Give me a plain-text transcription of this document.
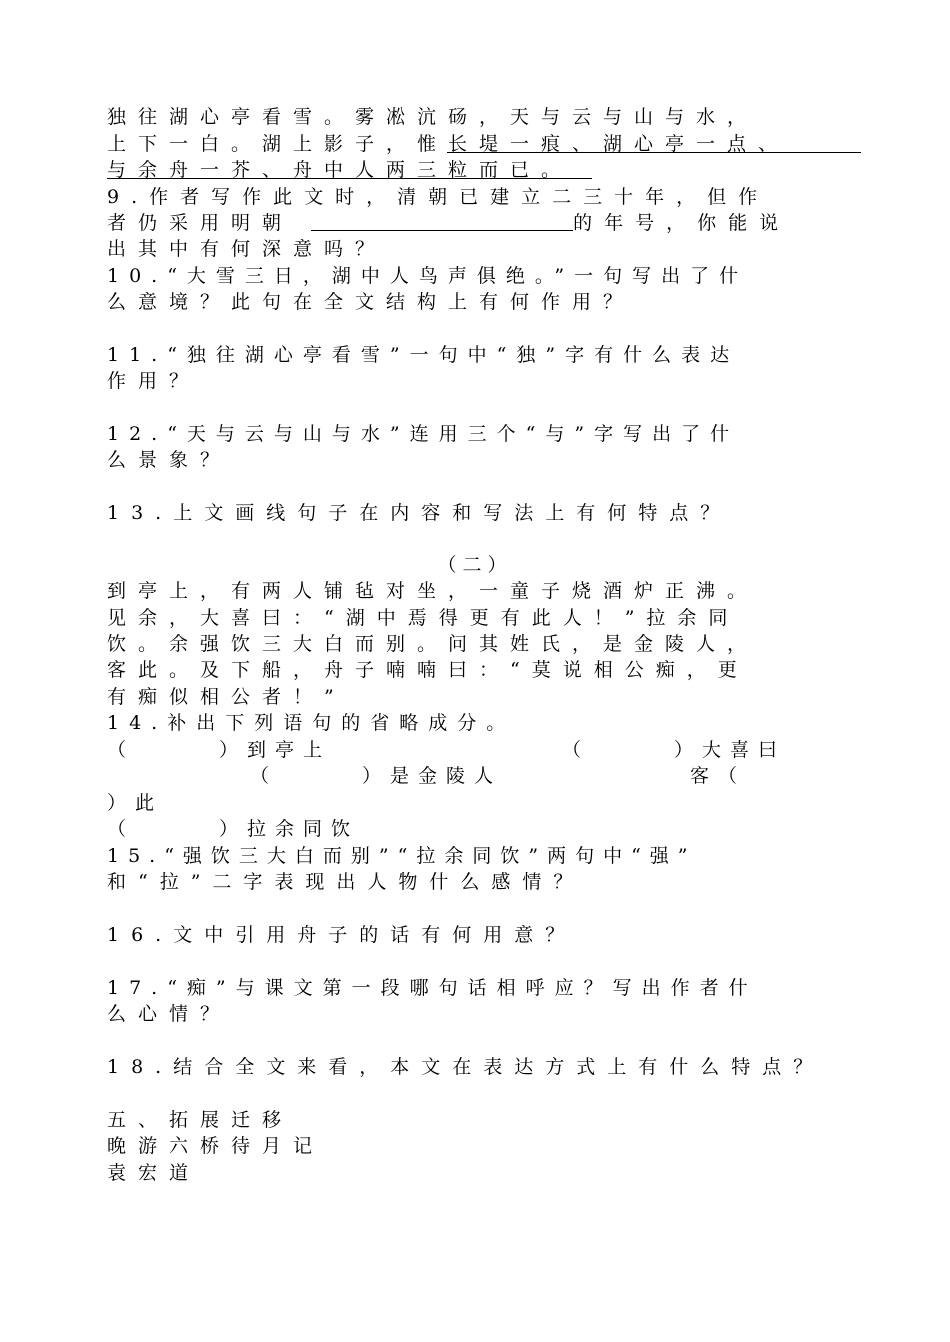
独往湖心亭看雪。雾凇沆砀，天与云与山与水，
上下一白。湖上影子，惟长堤一痕、湖心亭一点、
与余舟一芥、舟中人两三粒而已。
9.作者写作此文时，清朝已建立二三十年，但作
者仍采用明朝	的年号，你能说
出其中有何深意吗？
10.“大雪三日，湖中人鸟声俱绝。”一句写出了什
么意境？此句在全文结构上有何作用？
11.“独往湖心亭看雪”一句中“独”字有什么表达
作用？
12.“天与云与山与水”连用三个“与”字写出了什
么景象？
13.上文画线句子在内容和写法上有何特点？
（二）
到亭上，有两人铺毡对坐，一童子烧酒炉正沸。
见余，大喜曰：“湖中焉得更有此人！”拉余同
饮。余强饮三大白而别。问其姓氏，是金陵人，
客此。及下船，舟子喃喃曰：“莫说相公痴，更
有痴似相公者！”
14.补出下列语句的省略成分。
（　　　）到亭上	（　　　）大喜曰
（　　　）是金陵人	客（
）此
（　　　）拉余同饮
15.“强饮三大白而别”“拉余同饮”两句中“强”
和“拉”二字表现出人物什么感情？
16.文中引用舟子的话有何用意？
17.“痴”与课文第一段哪句话相呼应？写出作者什
么心情？
18.结合全文来看，本文在表达方式上有什么特点？
五、拓展迁移
晚游六桥待月记
袁宏道
